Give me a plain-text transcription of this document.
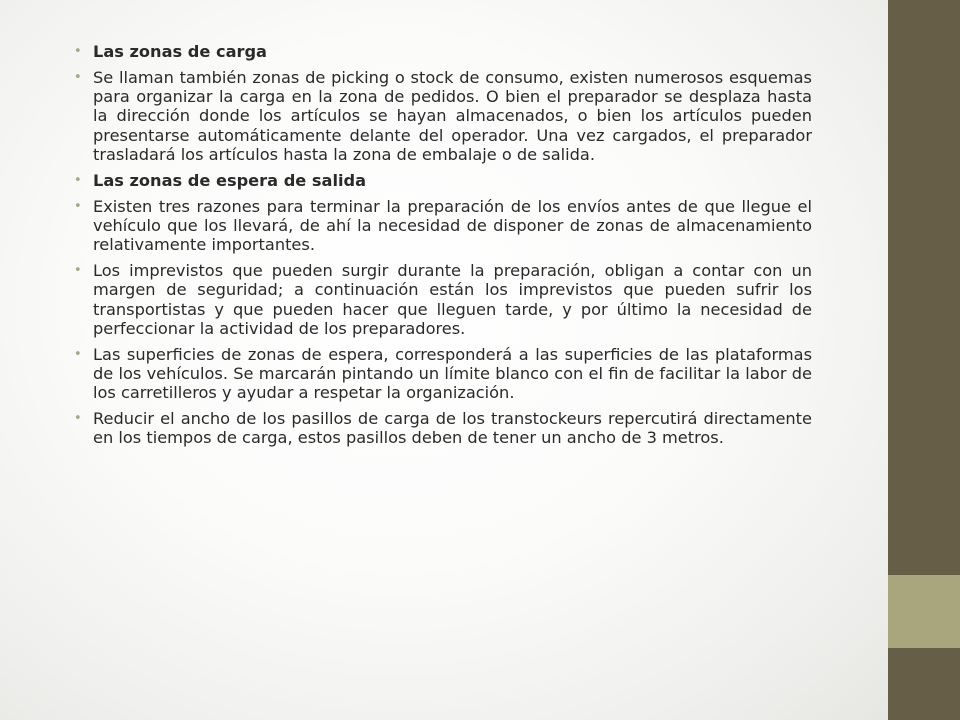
• Las zonas de carga
• Se llaman también zonas de picking o stock de consumo, existen numerosos esquemas para organizar la carga en la zona de pedidos. O bien el preparador se desplaza hasta la dirección donde los artículos se hayan almacenados, o bien los artículos pueden presentarse automáticamente delante del operador. Una vez cargados, el preparador trasladará los artículos hasta la zona de embalaje o de salida.
• Las zonas de espera de salida
• Existen tres razones para terminar la preparación de los envíos antes de que llegue el vehículo que los llevará, de ahí la necesidad de disponer de zonas de almacenamiento relativamente importantes.
• Los imprevistos que pueden surgir durante la preparación, obligan a contar con un margen de seguridad; a continuación están los imprevistos que pueden sufrir los transportistas y que pueden hacer que lleguen tarde, y por último la necesidad de perfeccionar la actividad de los preparadores.
• Las superficies de zonas de espera, corresponderá a las superficies de las plataformas de los vehículos. Se marcarán pintando un límite blanco con el fin de facilitar la labor de los carretilleros y ayudar a respetar la organización.
• Reducir el ancho de los pasillos de carga de los transtockeurs repercutirá directamente en los tiempos de carga, estos pasillos deben de tener un ancho de 3 metros.
